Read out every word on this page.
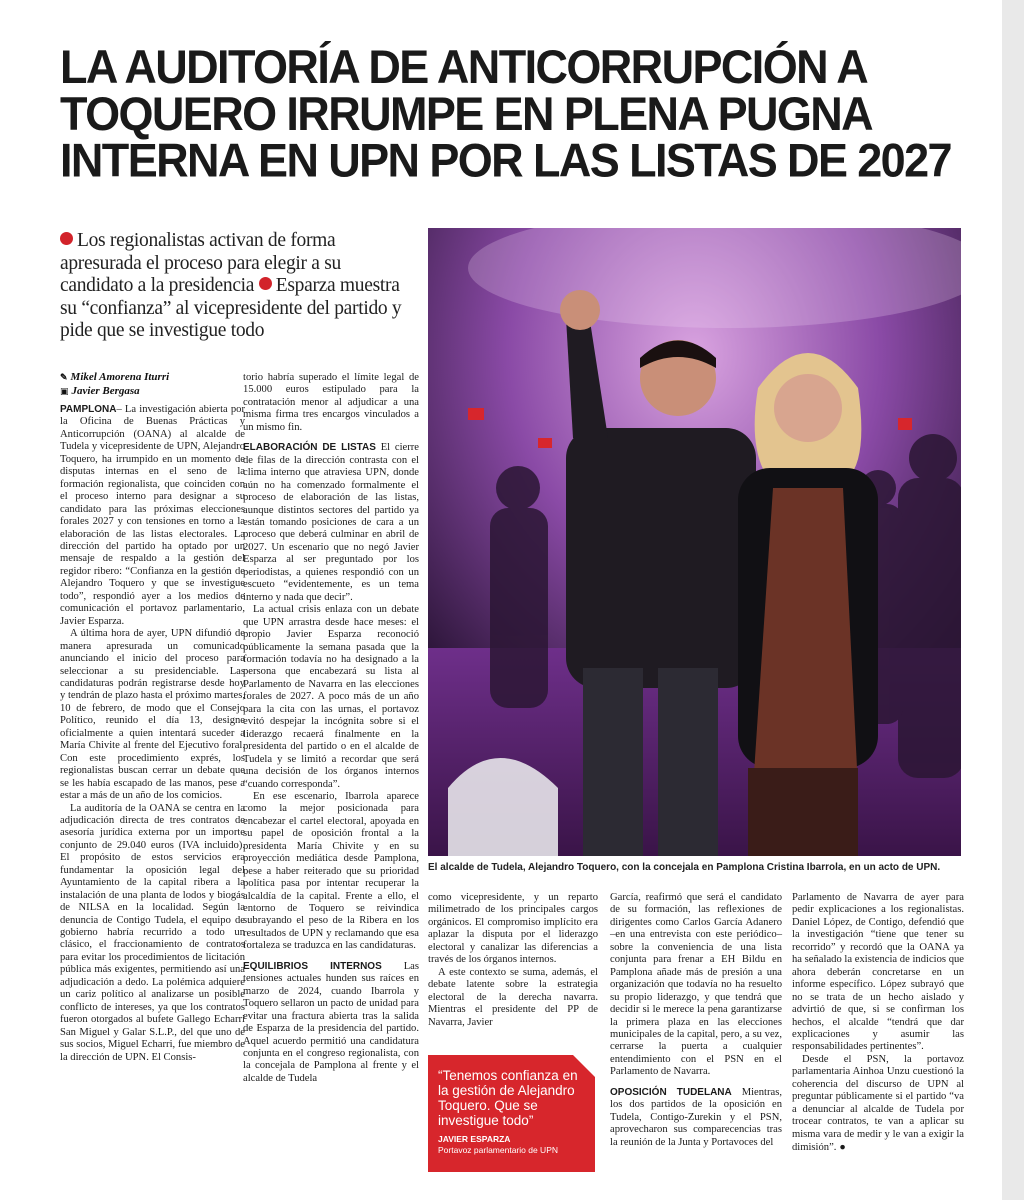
LA AUDITORÍA DE ANTICORRUPCIÓN A TOQUERO IRRUMPE EN PLENA PUGNA INTERNA EN UPN POR LAS LISTAS DE 2027
Los regionalistas activan de forma apresurada el proceso para elegir a su candidato a la presidencia Esparza muestra su “confianza” al vicepresidente del partido y pide que se investigue todo
✎ Mikel Amorena Iturri
▣ Javier Bergasa

PAMPLONA– La investigación abierta por la Oficina de Buenas Prácticas y Anticorrupción (OANA) al alcalde de Tudela y vicepresidente de UPN, Alejandro Toquero, ha irrumpido en un momento de disputas internas en el seno de la formación regionalista, que coinciden con el proceso interno para designar a su candidato para las próximas elecciones forales 2027 y con tensiones en torno a la elaboración de las listas electorales. La dirección del partido ha optado por un mensaje de respaldo a la gestión del regidor ribero: “Confianza en la gestión de Alejandro Toquero y que se investigue todo”, respondió ayer a los medios de comunicación el portavoz parlamentario, Javier Esparza.

A última hora de ayer, UPN difundió de manera apresurada un comunicado anunciando el inicio del proceso para seleccionar a su presidenciable. Las candidaturas podrán registrarse desde hoy y tendrán de plazo hasta el próximo martes, 10 de febrero, de modo que el Consejo Político, reunido el día 13, designe oficialmente a quien intentará suceder a María Chivite al frente del Ejecutivo foral. Con este procedimiento exprés, los regionalistas buscan cerrar un debate que se les había escapado de las manos, pese a estar a más de un año de los comicios.

La auditoría de la OANA se centra en la adjudicación directa de tres contratos de asesoría jurídica externa por un importe conjunto de 29.040 euros (IVA incluido). El propósito de estos servicios era fundamentar la oposición legal del Ayuntamiento de la capital ribera a la instalación de una planta de lodos y biogás de NILSA en la localidad. Según la denuncia de Contigo Tudela, el equipo de gobierno habría recurrido a todo un clásico, el fraccionamiento de contratos para evitar los procedimientos de licitación pública más exigentes, permitiendo así una adjudicación a dedo. La polémica adquiere un cariz político al analizarse un posible conflicto de intereses, ya que los contratos fueron otorgados al bufete Gallego Echarri San Miguel y Galar S.L.P., del que uno de sus socios, Miguel Echarri, fue miembro de la dirección de UPN. El Consis-

torio habría superado el límite legal de 15.000 euros estipulado para la contratación menor al adjudicar a una misma firma tres encargos vinculados a un mismo fin.

ELABORACIÓN DE LISTAS El cierre de filas de la dirección contrasta con el clima interno que atraviesa UPN, donde aún no ha comenzado formalmente el proceso de elaboración de las listas, aunque distintos sectores del partido ya están tomando posiciones de cara a un proceso que deberá culminar en abril de 2027. Un escenario que no negó Javier Esparza al ser preguntado por los periodistas, a quienes respondió con un escueto “evidentemente, es un tema interno y nada que decir”.

La actual crisis enlaza con un debate que UPN arrastra desde hace meses: el propio Javier Esparza reconoció públicamente la semana pasada que la formación todavía no ha designado a la persona que encabezará su lista al Parlamento de Navarra en las elecciones forales de 2027. A poco más de un año para la cita con las urnas, el portavoz evitó despejar la incógnita sobre si el liderazgo recaerá finalmente en la presidenta del partido o en el alcalde de Tudela y se limitó a recordar que será una decisión de los órganos internos “cuando corresponda”.

En ese escenario, Ibarrola aparece como la mejor posicionada para encabezar el cartel electoral, apoyada en su papel de oposición frontal a la presidenta María Chivite y en su proyección mediática desde Pamplona, pese a haber reiterado que su prioridad política pasa por intentar recuperar la alcaldía de la capital. Frente a ello, el entorno de Toquero se reivindica subrayando el peso de la Ribera en los resultados de UPN y reclamando que esa fortaleza se traduzca en las candidaturas.

EQUILIBRIOS INTERNOS Las tensiones actuales hunden sus raíces en marzo de 2024, cuando Ibarrola y Toquero sellaron un pacto de unidad para evitar una fractura abierta tras la salida de Esparza de la presidencia del partido. Aquel acuerdo permitió una candidatura conjunta en el congreso regionalista, con la concejala de Pamplona al frente y el alcalde de Tudela

El alcalde de Tudela, Alejandro Toquero, con la concejala en Pamplona Cristina Ibarrola, en un acto de UPN.

como vicepresidente, y un reparto milimetrado de los principales cargos orgánicos. El compromiso implícito era aplazar la disputa por el liderazgo electoral y canalizar las diferencias a través de los órganos internos.

A este contexto se suma, además, el debate latente sobre la estrategia electoral de la derecha navarra. Mientras el presidente del PP de Navarra, Javier

“Tenemos confianza en la gestión de Alejandro Toquero. Que se investigue todo”
JAVIER ESPARZA
Portavoz parlamentario de UPN

García, reafirmó que será el candidato de su formación, las reflexiones de dirigentes como Carlos García Adanero –en una entrevista con este periódico– sobre la conveniencia de una lista conjunta para frenar a EH Bildu en Pamplona añade más de presión a una organización que todavía no ha resuelto su propio liderazgo, y que tendrá que decidir si le merece la pena garantizarse la primera plaza en las elecciones municipales de la capital, pero, a su vez, cerrarse la puerta a cualquier entendimiento con el PSN en el Parlamento de Navarra.

OPOSICIÓN TUDELANA Mientras, los dos partidos de la oposición en Tudela, Contigo-Zurekin y el PSN, aprovecharon sus comparecencias tras la reunión de la Junta y Portavoces del

Parlamento de Navarra de ayer para pedir explicaciones a los regionalistas. Daniel López, de Contigo, defendió que la investigación “tiene que tener su recorrido” y recordó que la OANA ya ha señalado la existencia de indicios que ahora deberán concretarse en un informe específico. López subrayó que no se trata de un hecho aislado y advirtió de que, si se confirman los hechos, el alcalde “tendrá que dar explicaciones y asumir las responsabilidades pertinentes”.

Desde el PSN, la portavoz parlamentaria Ainhoa Unzu cuestionó la coherencia del discurso de UPN al preguntar públicamente si el partido “va a denunciar al alcalde de Tudela por trocear contratos, te van a aplicar su misma vara de medir y le van a exigir la dimisión”. ●
